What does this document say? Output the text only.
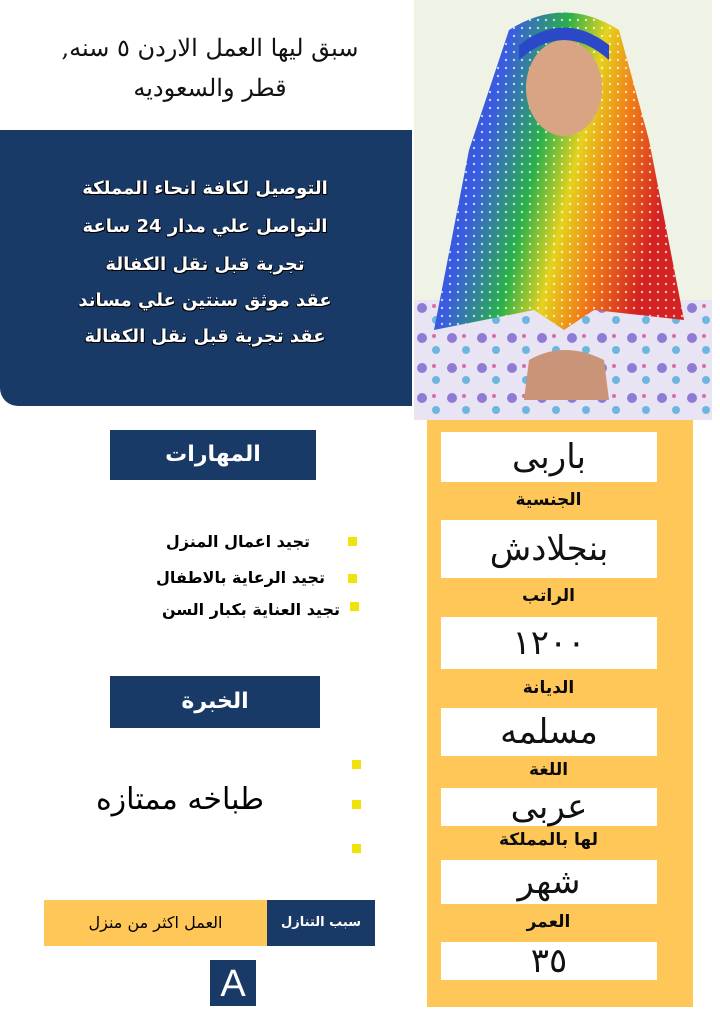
سبق ليها العمل الاردن ٥ سنه,
قطر والسعوديه
التوصيل لكافة انحاء المملكة
التواصل علي مدار 24 ساعة
تجربة قبل نقل الكفالة
عقد موثق سنتين علي مساند
عقد تجربة قبل نقل الكفالة
باربى
الجنسية
بنجلادش
الراتب
١٢٠٠
الديانة
مسلمه
اللغة
عربى
لها بالمملكة
شهر
العمر
٣٥
المهارات
تجيد اعمال المنزل
تجيد الرعاية بالاطفال
تجيد العناية بكبار السن
الخبرة
طباخه ممتازه
سبب التنازل
العمل اكثر من منزل
A
